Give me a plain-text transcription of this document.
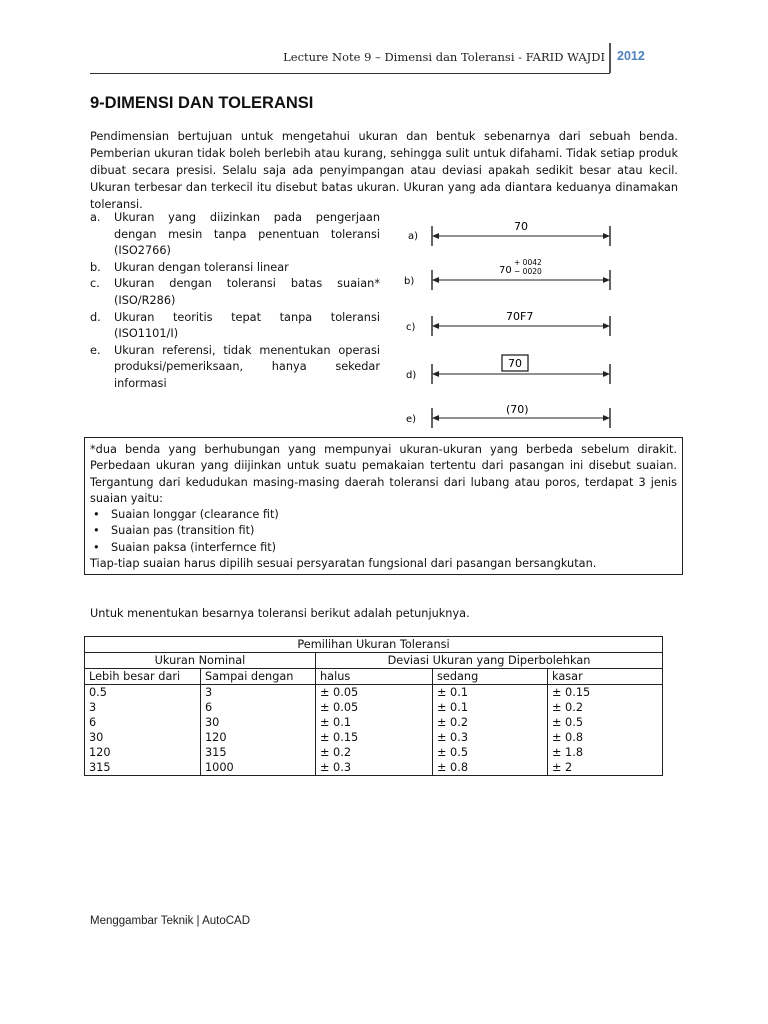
Lecture Note 9 – Dimensi dan Toleransi - FARID WAJDI 2012
9-DIMENSI DAN TOLERANSI

Pendimensian bertujuan untuk mengetahui ukuran dan bentuk sebenarnya dari sebuah benda. Pemberian ukuran tidak boleh berlebih atau kurang, sehingga sulit untuk difahami. Tidak setiap produk dibuat secara presisi. Selalu saja ada penyimpangan atau deviasi apakah sedikit besar atau kecil. Ukuran terbesar dan terkecil itu disebut batas ukuran. Ukuran yang ada diantara keduanya dinamakan toleransi.

a. Ukuran yang diizinkan pada pengerjaan dengan mesin tanpa penentuan toleransi (ISO2766)
b. Ukuran dengan toleransi linear
c. Ukuran dengan toleransi batas suaian* (ISO/R286)
d. Ukuran teoritis tepat tanpa toleransi (ISO1101/I)
e. Ukuran referensi, tidak menentukan operasi produksi/pemeriksaan, hanya sekedar informasi
a)
70
b)
70
+ 0042
− 0020
c)
70F7
d)
70
e)
(70)

*dua benda yang berhubungan yang mempunyai ukuran-ukuran yang berbeda sebelum dirakit. Perbedaan ukuran yang diijinkan untuk suatu pemakaian tertentu dari pasangan ini disebut suaian. Tergantung dari kedudukan masing-masing daerah toleransi dari lubang atau poros, terdapat 3 jenis suaian yaitu:

• Suaian longgar (clearance fit)
• Suaian pas (transition fit)
• Suaian paksa (interfernce fit)

Tiap-tiap suaian harus dipilih sesuai persyaratan fungsional dari pasangan bersangkutan.

Untuk menentukan besarnya toleransi berikut adalah petunjuknya.

Pemilihan Ukuran Toleransi				
Ukuran Nominal		Deviasi Ukuran yang Diperbolehkan		
Lebih besar dari	Sampai dengan	halus	sedang	kasar
0.5	3	± 0.05	± 0.1	± 0.15
3	6	± 0.05	± 0.1	± 0.2
6	30	± 0.1	± 0.2	± 0.5
30	120	± 0.15	± 0.3	± 0.8
120	315	± 0.2	± 0.5	± 1.8
315	1000	± 0.3	± 0.8	± 2

Menggambar Teknik | AutoCAD
